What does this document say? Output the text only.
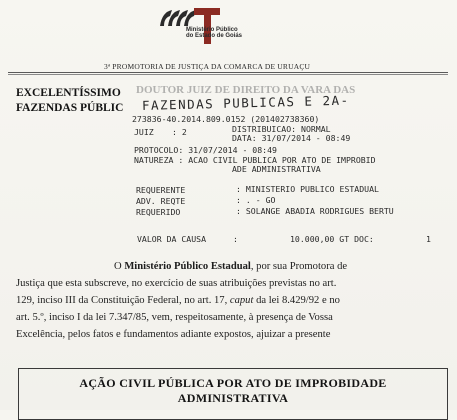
Ministério Público
do Estado de Goiás
3ª PROMOTORIA DE JUSTIÇA DA COMARCA DE URUAÇU
EXCELENTÍSSIMO DOUTOR JUIZ DE DIREITO DA VARA DAS
FAZENDAS PÚBLIC FAZENDAS PUBLICAS E 2A-
273836-40.2014.809.0152 (201402738360)
JUIZ : 2	DISTRIBUICAO: NORMAL
DATA: 31/07/2014 - 08:49
PROTOCOLO: 31/07/2014 - 08:49
NATUREZA : ACAO CIVIL PUBLICA POR ATO DE IMPROBID
ADE ADMINISTRATIVA
REQUERENTE	: MINISTERIO PUBLICO ESTADUAL
ADV. REQTE	: . - GO
REQUERIDO	: SOLANGE ABADIA RODRIGUES BERTU
VALOR DA CAUSA	:	10.000,00 GT DOC:	1
O Ministério Público Estadual, por sua Promotora de
Justiça que esta subscreve, no exercício de suas atribuições previstas no art.
129, inciso III da Constituição Federal, no art. 17, caput da lei 8.429/92 e no
art. 5.º, inciso I da lei 7.347/85, vem, respeitosamente, à presença de Vossa
Excelência, pelos fatos e fundamentos adiante expostos, ajuizar a presente
AÇÃO CIVIL PÚBLICA POR ATO DE IMPROBIDADE
ADMINISTRATIVA
